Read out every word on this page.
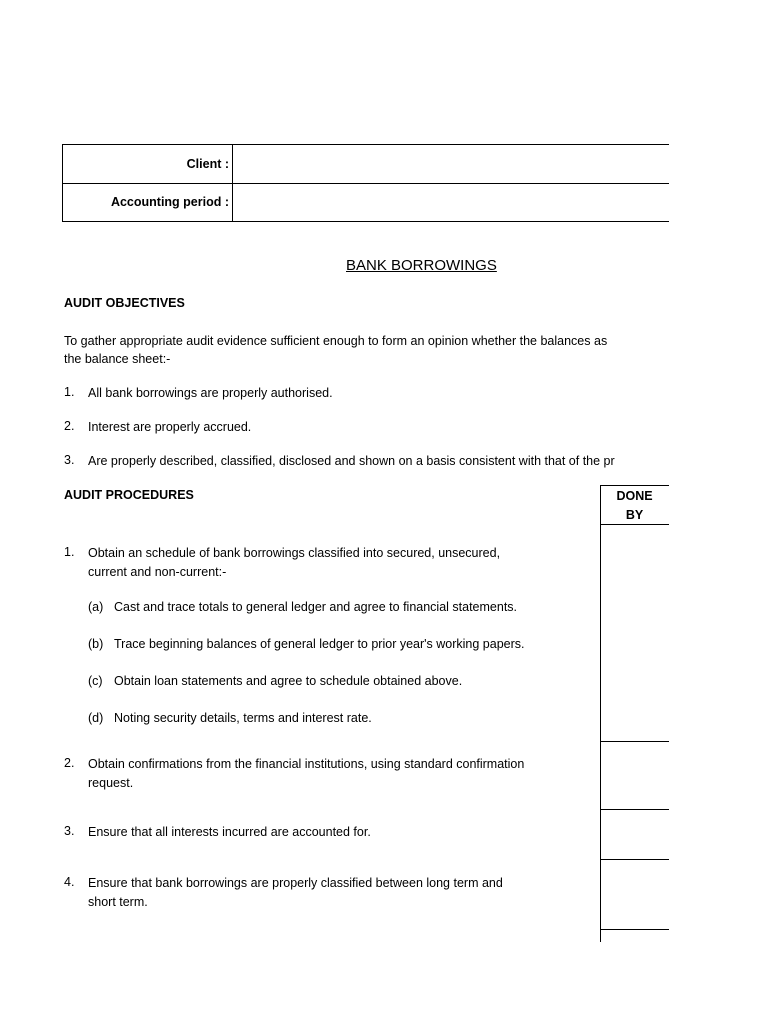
Client :
Accounting period :
BANK BORROWINGS
AUDIT OBJECTIVES
To gather appropriate audit evidence sufficient enough to form an opinion whether the balances as
the balance sheet:-
1. All bank borrowings are properly authorised.
2. Interest are properly accrued.
3. Are properly described, classified, disclosed and shown on a basis consistent with that of the pr
AUDIT PROCEDURES	DONE
BY
1. Obtain an schedule of bank borrowings classified into secured, unsecured,
current and non-current:-
(a) Cast and trace totals to general ledger and agree to financial statements.
(b) Trace beginning balances of general ledger to prior year's working papers.
(c) Obtain loan statements and agree to schedule obtained above.
(d) Noting security details, terms and interest rate.
2. Obtain confirmations from the financial institutions, using standard confirmation
request.
3. Ensure that all interests incurred are accounted for.
4. Ensure that bank borrowings are properly classified between long term and
short term.
